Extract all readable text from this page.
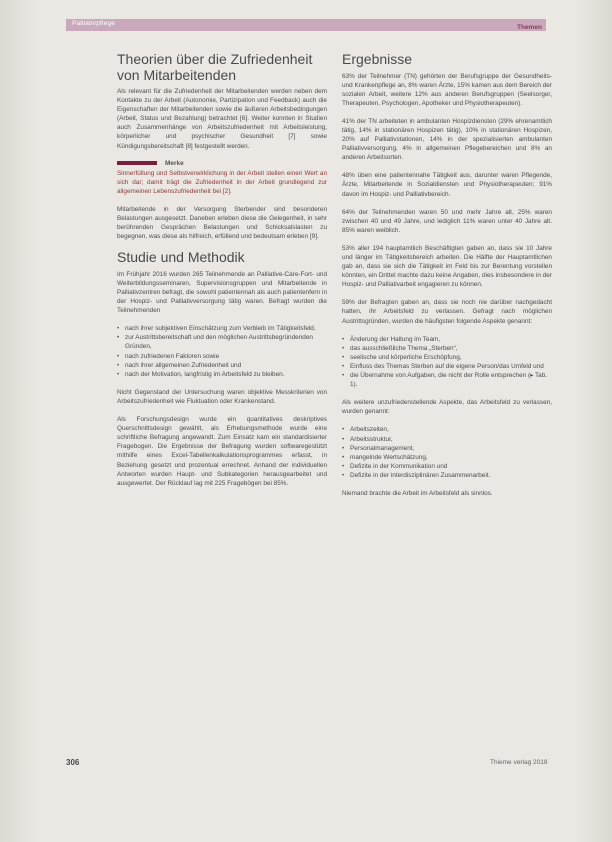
Palliativpflege
Themen
Theorien über die Zufriedenheit von Mitarbeitenden

Als relevant für die Zufriedenheit der Mitarbeitenden werden neben dem Kontakte zu der Arbeit (Autonomie, Partizipation und Feedback) auch die Eigenschaften der Mitarbeitenden sowie die äußeren Arbeitsbedingungen (Arbeit, Status und Bezahlung) betrachtet [6]. Weiter konnten in Studien auch Zusammenhänge von Arbeitszufriedenheit mit Arbeitsleistung, körperlicher und psychischer Gesundheit [7] sowie Kündigungsbereitschaft [8] festgestellt werden.

Merke

Sinnerfüllung und Selbstverwirklichung in der Arbeit stellen einen Wert an sich dar; damit trägt die Zufriedenheit in der Arbeit grundlegend zur allgemeinen Lebenszufriedenheit bei [2].

Mitarbeitende in der Versorgung Sterbender sind besonderen Belastungen ausgesetzt. Daneben erleben diese die Gelegenheit, in sehr berührenden Gesprächen Belastungen und Schicksalslasten zu begegnen, was diese als hilfreich, erfüllend und bedeutsam erleben [9].

Studie und Methodik

Im Frühjahr 2016 wurden 265 Teilnehmende an Palliative-Care-Fort- und Weiterbildungsseminaren, Supervisionsgruppen und Mitarbeitende in Palliativzentren befragt, die sowohl patientennah als auch patientenfern in der Hospiz- und Palliativversorgung tätig waren. Befragt wurden die Teilnehmenden

• nach ihrer subjektiven Einschätzung zum Verbleib im Tätigkeitsfeld,
• zur Austrittsbereitschaft und den möglichen Austrittsbegründenden Gründen,
• nach zufriedenen Faktoren sowie
• nach ihrer allgemeinen Zufriedenheit und
• nach der Motivation, langfristig im Arbeitsfeld zu bleiben.

Nicht Gegenstand der Untersuchung waren objektive Messkriterien von Arbeitszufriedenheit wie Fluktuation oder Krankenstand.

Als Forschungsdesign wurde ein quantitatives deskriptives Querschnittsdesign gewählt, als Erhebungsmethode wurde eine schriftliche Befragung angewandt. Zum Einsatz kam ein standardisierter Fragebogen. Die Ergebnisse der Befragung wurden softwaregestützt mithilfe eines Excel-Tabellenkalkulationsprogrammes erfasst, in Beziehung gesetzt und prozentual errechnet. Anhand der individuellen Antworten wurden Haupt- und Subkategorien herausgearbeitet und ausgewertet. Der Rücklauf lag mit 225 Fragebögen bei 85%.

Ergebnisse

63% der Teilnehmer (TN) gehörten der Berufsgruppe der Gesundheits- und Krankenpflege an, 8% waren Ärzte, 15% kamen aus dem Bereich der sozialen Arbeit, weitere 12% aus anderen Berufsgruppen (Seelsorger, Therapeuten, Psychologen, Apotheker und Physiotherapeuten).

41% der TN arbeiteten in ambulanten Hospizdiensten (29% ehrenamtlich tätig, 14% in stationären Hospizen tätig), 10% in stationären Hospizen, 20% auf Palliativstationen, 14% in der spezialisierten ambulanten Palliativversorgung, 4% in allgemeinen Pflegebereichen und 8% an anderen Arbeitsorten.

48% üben eine patientennahe Tätigkeit aus, darunter waren Pflegende, Ärzte, Mitarbeitende in Sozialdiensten und Physiotherapeuten; 91% davon im Hospiz- und Palliativbereich.

64% der Teilnehmenden waren 50 und mehr Jahre alt, 25% waren zwischen 40 und 49 Jahre, und lediglich 11% waren unter 40 Jahre alt. 85% waren weiblich.

53% aller 194 hauptamtlich Beschäftigten gaben an, dass sie 10 Jahre und länger im Tätigkeitsbereich arbeiten. Die Hälfte der Hauptamtlichen gab an, dass sie sich die Tätigkeit im Feld bis zur Berentung vorstellen könnten, ein Drittel machte dazu keine Angaben, dies insbesondere in der Hospiz- und Palliativarbeit engagieren zu können.

59% der Befragten gaben an, dass sie noch nie darüber nachgedacht hatten, ihr Arbeitsfeld zu verlassen. Gefragt nach möglichen Austrittsgründen, wurden die häufigsten folgende Aspekte genannt:

• Änderung der Haltung im Team,
• das ausschließliche Thema „Sterben“,
• seelische und körperliche Erschöpfung,
• Einfluss des Themas Sterben auf die eigene Person/das Umfeld und
• die Übernahme von Aufgaben, die nicht der Rolle entsprechen (▸ Tab. 1).

Als weitere unzufriedenstellende Aspekte, das Arbeitsfeld zu verlassen, wurden genannt:

• Arbeitszeiten,
• Arbeitsstruktur,
• Personalmanagement,
• mangelnde Wertschätzung,
• Defizite in der Kommunikation und
• Defizite in der interdisziplinären Zusammenarbeit.

Niemand brachte die Arbeit im Arbeitsfeld als sinnlos.

306	Thieme verlag 2018
